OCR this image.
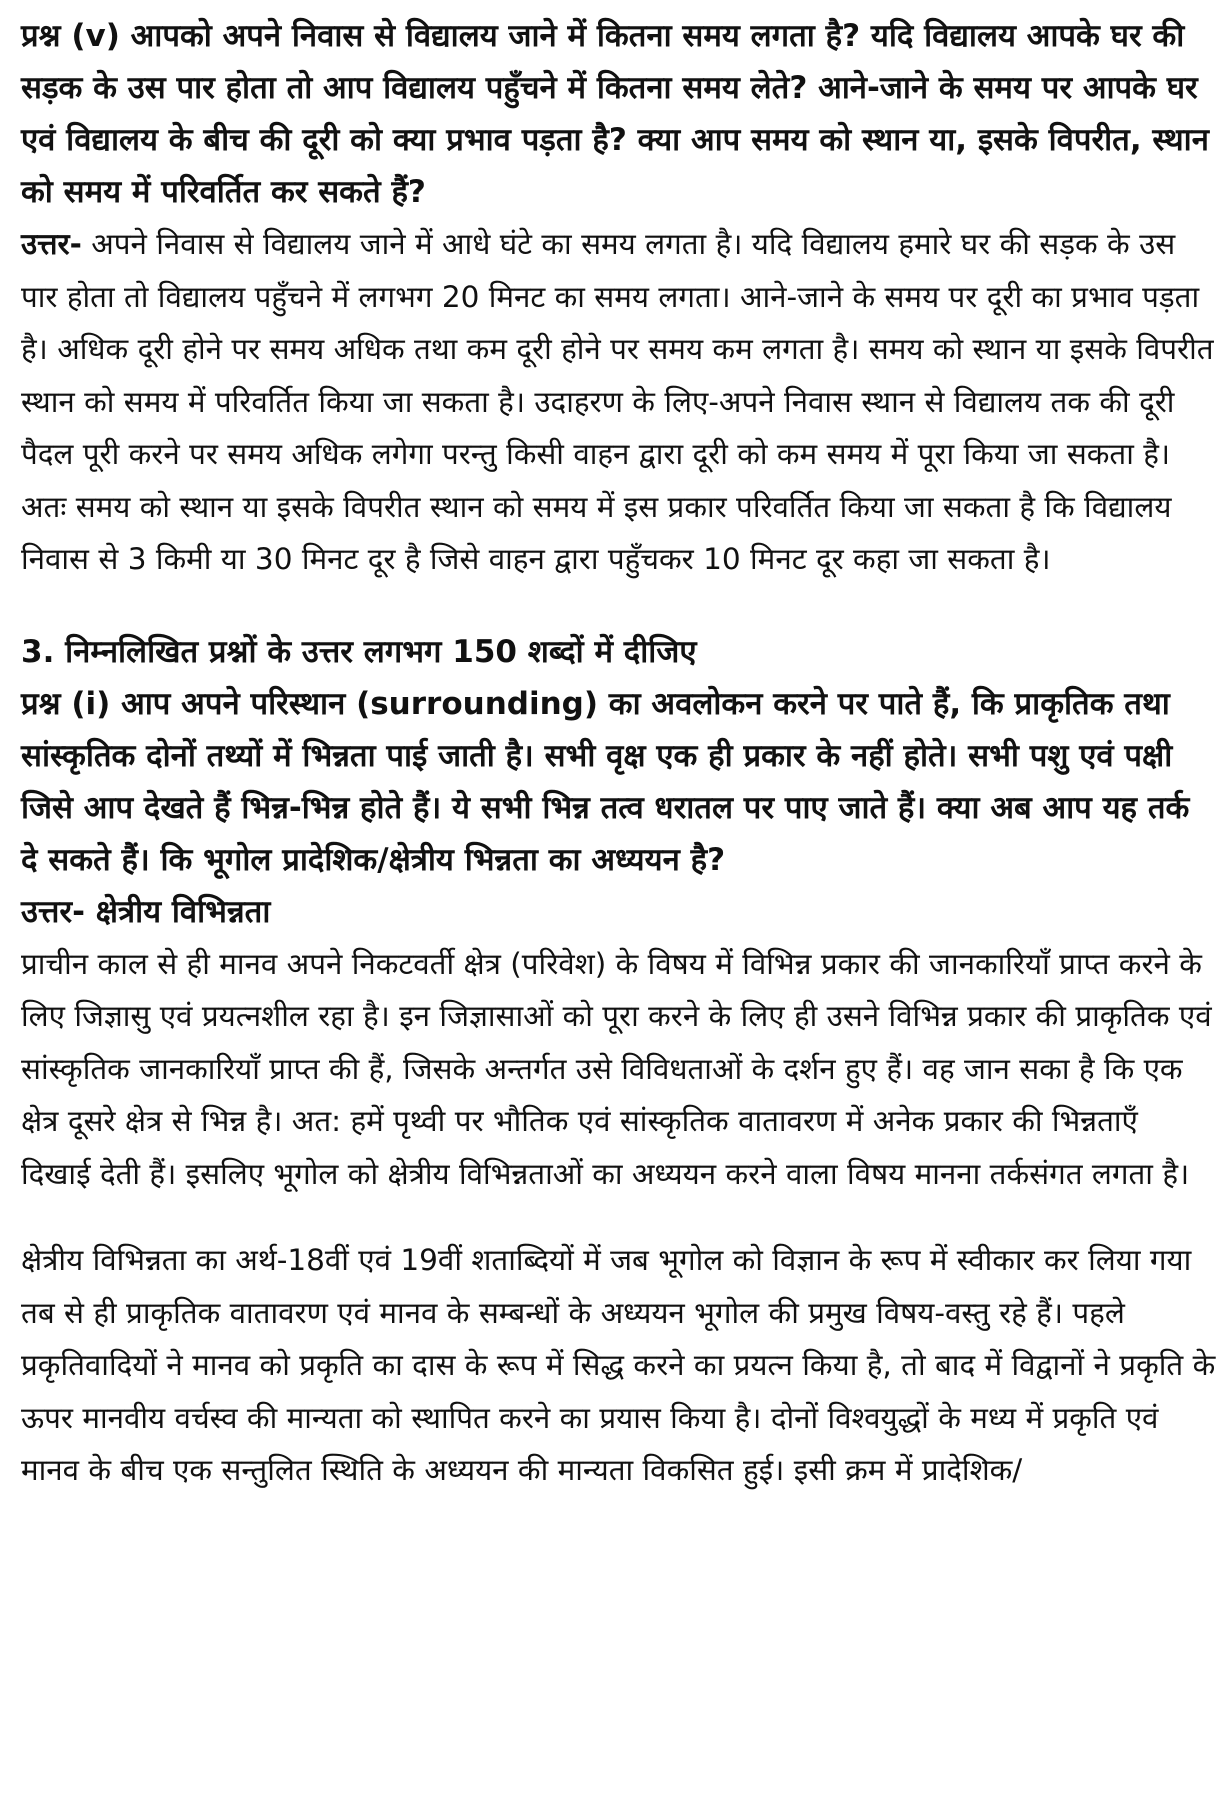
प्रश्न (v) आपको अपने निवास से विद्यालय जाने में कितना समय लगता है? यदि विद्यालय आपके घर की सड़क के उस पार होता तो आप विद्यालय पहुँचने में कितना समय लेते? आने-जाने के समय पर आपके घर एवं विद्यालय के बीच की दूरी को क्या प्रभाव पड़ता है? क्या आप समय को स्थान या, इसके विपरीत, स्थान को समय में परिवर्तित कर सकते हैं?

उत्तर- अपने निवास से विद्यालय जाने में आधे घंटे का समय लगता है। यदि विद्यालय हमारे घर की सड़क के उस पार होता तो विद्यालय पहुँचने में लगभग 20 मिनट का समय लगता। आने-जाने के समय पर दूरी का प्रभाव पड़ता है। अधिक दूरी होने पर समय अधिक तथा कम दूरी होने पर समय कम लगता है। समय को स्थान या इसके विपरीत स्थान को समय में परिवर्तित किया जा सकता है। उदाहरण के लिए-अपने निवास स्थान से विद्यालय तक की दूरी पैदल पूरी करने पर समय अधिक लगेगा परन्तु किसी वाहन द्वारा दूरी को कम समय में पूरा किया जा सकता है। अतः समय को स्थान या इसके विपरीत स्थान को समय में इस प्रकार परिवर्तित किया जा सकता है कि विद्यालय निवास से 3 किमी या 30 मिनट दूर है जिसे वाहन द्वारा पहुँचकर 10 मिनट दूर कहा जा सकता है।

3. निम्नलिखित प्रश्नों के उत्तर लगभग 150 शब्दों में दीजिए

प्रश्न (i) आप अपने परिस्थान (surrounding) का अवलोकन करने पर पाते हैं, कि प्राकृतिक तथा सांस्कृतिक दोनों तथ्यों में भिन्नता पाई जाती है। सभी वृक्ष एक ही प्रकार के नहीं होते। सभी पशु एवं पक्षी जिसे आप देखते हैं भिन्न-भिन्न होते हैं। ये सभी भिन्न तत्व धरातल पर पाए जाते हैं। क्या अब आप यह तर्क दे सकते हैं। कि भूगोल प्रादेशिक/क्षेत्रीय भिन्नता का अध्ययन है?

उत्तर- क्षेत्रीय विभिन्नता

प्राचीन काल से ही मानव अपने निकटवर्ती क्षेत्र (परिवेश) के विषय में विभिन्न प्रकार की जानकारियाँ प्राप्त करने के लिए जिज्ञासु एवं प्रयत्नशील रहा है। इन जिज्ञासाओं को पूरा करने के लिए ही उसने विभिन्न प्रकार की प्राकृतिक एवं सांस्कृतिक जानकारियाँ प्राप्त की हैं, जिसके अन्तर्गत उसे विविधताओं के दर्शन हुए हैं। वह जान सका है कि एक क्षेत्र दूसरे क्षेत्र से भिन्न है। अत: हमें पृथ्वी पर भौतिक एवं सांस्कृतिक वातावरण में अनेक प्रकार की भिन्नताएँ दिखाई देती हैं। इसलिए भूगोल को क्षेत्रीय विभिन्नताओं का अध्ययन करने वाला विषय मानना तर्कसंगत लगता है।

क्षेत्रीय विभिन्नता का अर्थ-18वीं एवं 19वीं शताब्दियों में जब भूगोल को विज्ञान के रूप में स्वीकार कर लिया गया तब से ही प्राकृतिक वातावरण एवं मानव के सम्बन्धों के अध्ययन भूगोल की प्रमुख विषय-वस्तु रहे हैं। पहले प्रकृतिवादियों ने मानव को प्रकृति का दास के रूप में सिद्ध करने का प्रयत्न किया है, तो बाद में विद्वानों ने प्रकृति के ऊपर मानवीय वर्चस्व की मान्यता को स्थापित करने का प्रयास किया है। दोनों विश्वयुद्धों के मध्य में प्रकृति एवं मानव के बीच एक सन्तुलित स्थिति के अध्ययन की मान्यता विकसित हुई। इसी क्रम में प्रादेशिक/
